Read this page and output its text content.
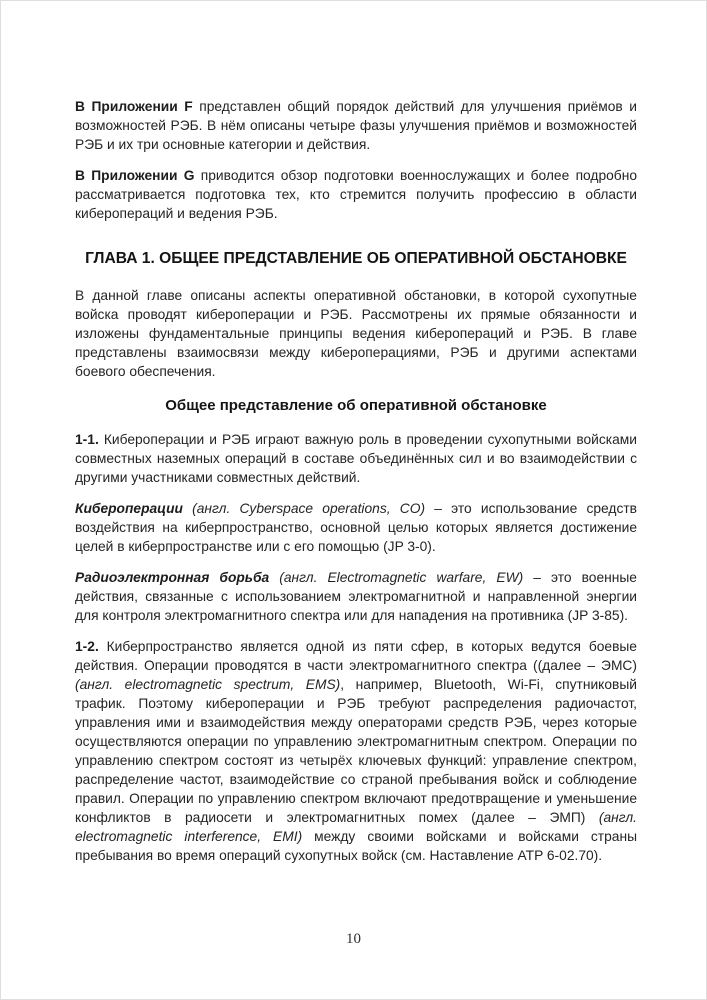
В Приложении F представлен общий порядок действий для улучшения приёмов и возможностей РЭБ. В нём описаны четыре фазы улучшения приёмов и возможностей РЭБ и их три основные категории и действия.

В Приложении G приводится обзор подготовки военнослужащих и более подробно рассматривается подготовка тех, кто стремится получить профессию в области киберопераций и ведения РЭБ.

ГЛАВА 1. ОБЩЕЕ ПРЕДСТАВЛЕНИЕ ОБ ОПЕРАТИВНОЙ ОБСТАНОВКЕ

В данной главе описаны аспекты оперативной обстановки, в которой сухопутные войска проводят кибероперации и РЭБ. Рассмотрены их прямые обязанности и изложены фундаментальные принципы ведения киберопераций и РЭБ. В главе представлены взаимосвязи между кибероперациями, РЭБ и другими аспектами боевого обеспечения.

Общее представление об оперативной обстановке

1-1. Кибероперации и РЭБ играют важную роль в проведении сухопутными войсками совместных наземных операций в составе объединённых сил и во взаимодействии с другими участниками совместных действий.

Кибероперации (англ. Cyberspace operations, CO) – это использование средств воздействия на киберпространство, основной целью которых является достижение целей в киберпространстве или с его помощью (JP 3-0).

Радиоэлектронная борьба (англ. Electromagnetic warfare, EW) – это военные действия, связанные с использованием электромагнитной и направленной энергии для контроля электромагнитного спектра или для нападения на противника (JP 3-85).

1-2. Киберпространство является одной из пяти сфер, в которых ведутся боевые действия. Операции проводятся в части электромагнитного спектра ((далее – ЭМС) (англ. electromagnetic spectrum, EMS), например, Bluetooth, Wi-Fi, спутниковый трафик. Поэтому кибероперации и РЭБ требуют распределения радиочастот, управления ими и взаимодействия между операторами средств РЭБ, через которые осуществляются операции по управлению электромагнитным спектром. Операции по управлению спектром состоят из четырёх ключевых функций: управление спектром, распределение частот, взаимодействие со страной пребывания войск и соблюдение правил. Операции по управлению спектром включают предотвращение и уменьшение конфликтов в радиосети и электромагнитных помех (далее – ЭМП) (англ. electromagnetic interference, EMI) между своими войсками и войсками страны пребывания во время операций сухопутных войск (см. Наставление ATP 6-02.70).

10
